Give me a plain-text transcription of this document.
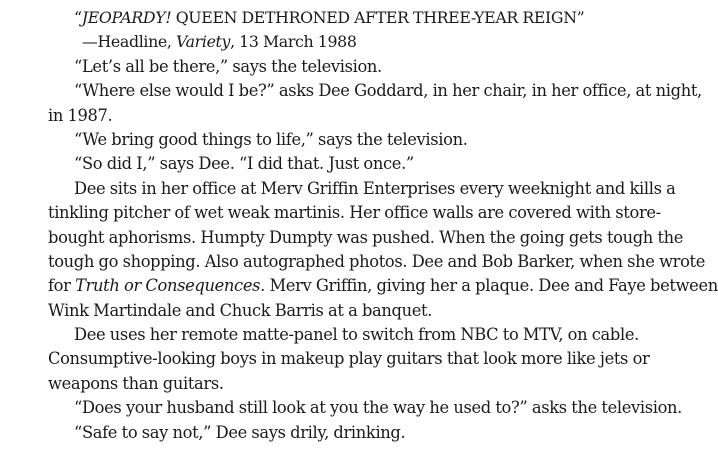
“JEOPARDY! QUEEN DETHRONED AFTER THREE-YEAR REIGN”
—Headline, Variety, 13 March 1988
“Let’s all be there,” says the television.
“Where else would I be?” asks Dee Goddard, in her chair, in her office, at night,
in 1987.
“We bring good things to life,” says the television.
“So did I,” says Dee. “I did that. Just once.”
Dee sits in her office at Merv Griffin Enterprises every weeknight and kills a
tinkling pitcher of wet weak martinis. Her office walls are covered with store-
bought aphorisms. Humpty Dumpty was pushed. When the going gets tough the
tough go shopping. Also autographed photos. Dee and Bob Barker, when she wrote
for Truth or Consequences. Merv Griffin, giving her a plaque. Dee and Faye between
Wink Martindale and Chuck Barris at a banquet.
Dee uses her remote matte-panel to switch from NBC to MTV, on cable.
Consumptive-looking boys in makeup play guitars that look more like jets or
weapons than guitars.
“Does your husband still look at you the way he used to?” asks the television.
“Safe to say not,” Dee says drily, drinking.
